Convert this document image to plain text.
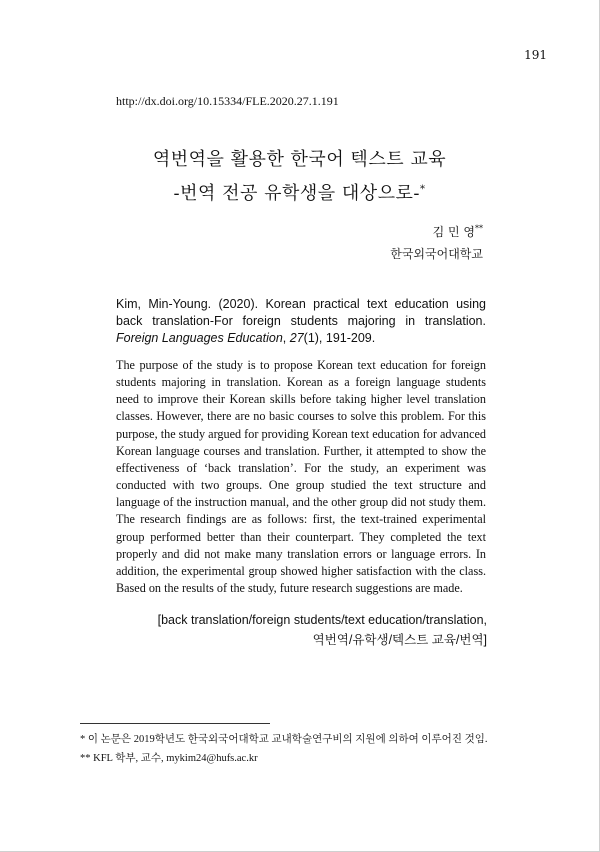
191
http://dx.doi.org/10.15334/FLE.2020.27.1.191
역번역을 활용한 한국어 텍스트 교육
-번역 전공 유학생을 대상으로-*
김 민 영**
한국외국어대학교
Kim, Min-Young. (2020). Korean practical text education using back translation-For foreign students majoring in translation. Foreign Languages Education, 27(1), 191-209.
The purpose of the study is to propose Korean text education for foreign students majoring in translation. Korean as a foreign language students need to improve their Korean skills before taking higher level translation classes. However, there are no basic courses to solve this problem. For this purpose, the study argued for providing Korean text education for advanced Korean language courses and translation. Further, it attempted to show the effectiveness of ‘back translation’. For the study, an experiment was conducted with two groups. One group studied the text structure and language of the instruction manual, and the other group did not study them. The research findings are as follows: first, the text-trained experimental group performed better than their counterpart. They completed the text properly and did not make many translation errors or language errors. In addition, the experimental group showed higher satisfaction with the class. Based on the results of the study, future research suggestions are made.
[back translation/foreign students/text education/translation,
역번역/유학생/텍스트 교육/번역]
* 이 논문은 2019학년도 한국외국어대학교 교내학술연구비의 지원에 의하여 이루어진 것임.
** KFL 학부, 교수, mykim24@hufs.ac.kr
